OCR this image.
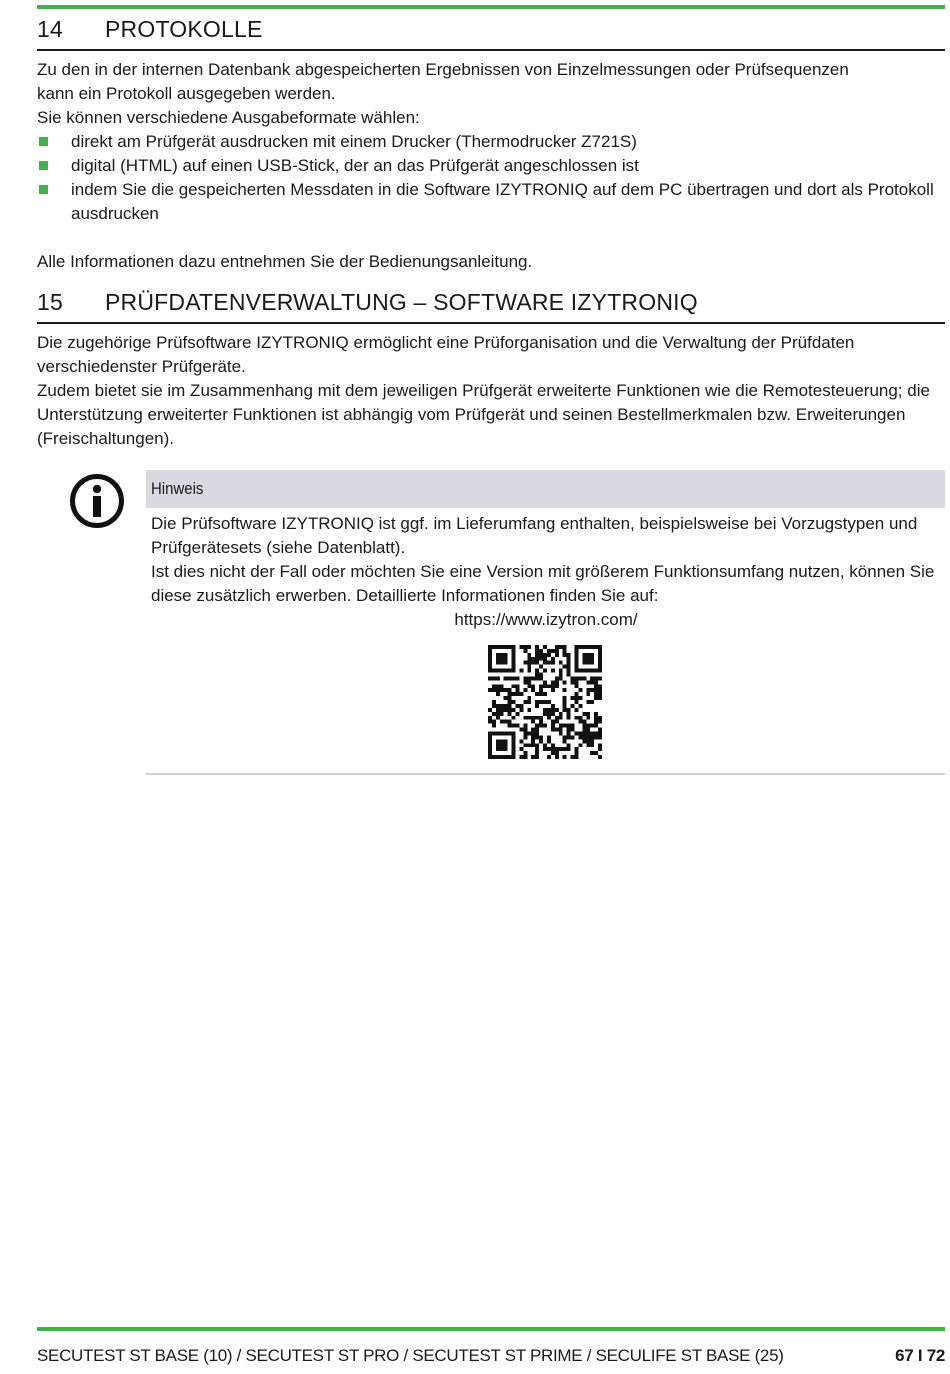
14	PROTOKOLLE

Zu den in der internen Datenbank abgespeicherten Ergebnissen von Einzelmessungen oder Prüfsequenzen

kann ein Protokoll ausgegeben werden.

Sie können verschiedene Ausgabeformate wählen:

direkt am Prüfgerät ausdrucken mit einem Drucker (Thermodrucker Z721S)
digital (HTML) auf einen USB-Stick, der an das Prüfgerät angeschlossen ist
indem Sie die gespeicherten Messdaten in die Software IZYTRONIQ auf dem PC übertragen und dort als Protokoll ausdrucken

Alle Informationen dazu entnehmen Sie der Bedienungsanleitung.

15	PRÜFDATENVERWALTUNG – SOFTWARE IZYTRONIQ

Die zugehörige Prüfsoftware IZYTRONIQ ermöglicht eine Prüforganisation und die Verwaltung der Prüfdaten verschiedenster Prüfgeräte.

Zudem bietet sie im Zusammenhang mit dem jeweiligen Prüfgerät erweiterte Funktionen wie die Remotesteuerung; die Unterstützung erweiterter Funktionen ist abhängig vom Prüfgerät und seinen Bestellmerkmalen bzw. Erweiterungen (Freischaltungen).

Hinweis

Die Prüfsoftware IZYTRONIQ ist ggf. im Lieferumfang enthalten, beispielsweise bei Vorzugstypen und Prüfgerätesets (siehe Datenblatt).

Ist dies nicht der Fall oder möchten Sie eine Version mit größerem Funktionsumfang nutzen, können Sie diese zusätzlich erwerben. Detaillierte Informationen finden Sie auf:

https://www.izytron.com/
SECUTEST ST BASE (10) / SECUTEST ST PRO / SECUTEST ST PRIME / SECULIFE ST BASE (25)	67 I 72
